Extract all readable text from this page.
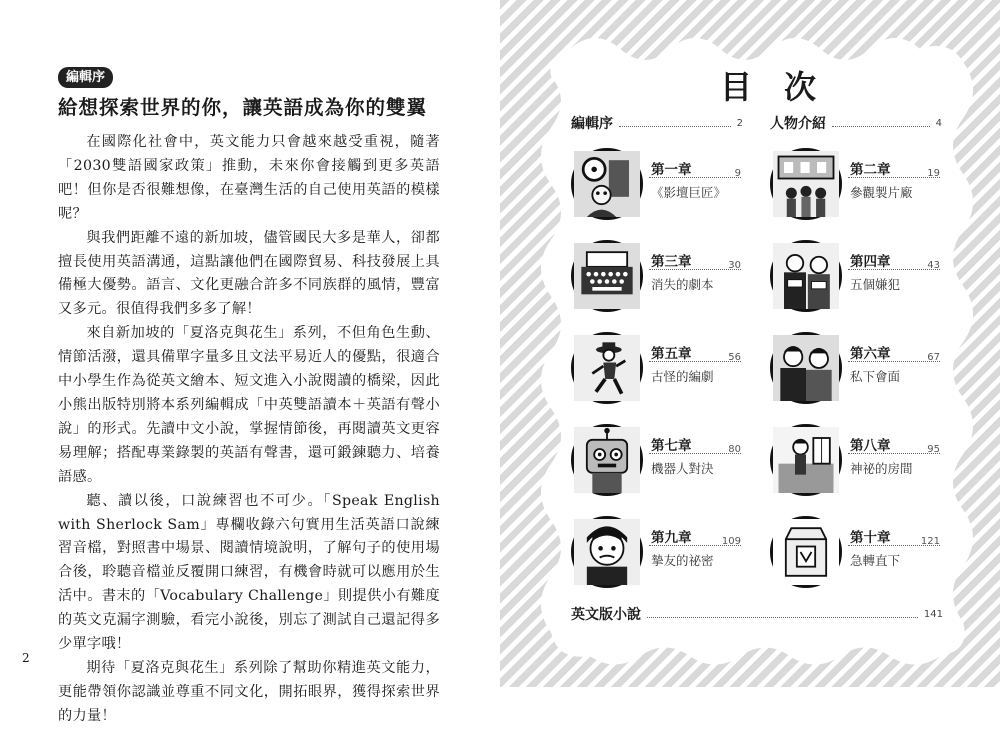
編輯序
給想探索世界的你，讓英語成為你的雙翼

在國際化社會中，英文能力只會越來越受重視，隨著「2030雙語國家政策」推動，未來你會接觸到更多英語吧！但你是否很難想像，在臺灣生活的自己使用英語的模樣呢？

與我們距離不遠的新加坡，儘管國民大多是華人，卻都擅長使用英語溝通，這點讓他們在國際貿易、科技發展上具備極大優勢。語言、文化更融合許多不同族群的風情，豐富又多元。很值得我們多多了解！

來自新加坡的「夏洛克與花生」系列，不但角色生動、情節活潑，還具備單字量多且文法平易近人的優點，很適合中小學生作為從英文繪本、短文進入小說閱讀的橋梁，因此小熊出版特別將本系列編輯成「中英雙語讀本＋英語有聲小說」的形式。先讀中文小說，掌握情節後，再閱讀英文更容易理解；搭配專業錄製的英語有聲書，還可鍛鍊聽力、培養語感。

聽、讀以後，口說練習也不可少。「Speak English with Sherlock Sam」專欄收錄六句實用生活英語口說練習音檔，對照書中場景、閱讀情境說明，了解句子的使用場合後，聆聽音檔並反覆開口練習，有機會時就可以應用於生活中。書末的「Vocabulary Challenge」則提供小有難度的英文克漏字測驗，看完小說後，別忘了測試自己還記得多少單字哦！

期待「夏洛克與花生」系列除了幫助你精進英文能力，更能帶領你認識並尊重不同文化，開拓眼界，獲得探索世界的力量！

2
目次
編輯序	2 人物介紹	4
第一章	9
《影壇巨匠》
第二章	19
參觀製片廠
第三章	30
消失的劇本
第四章	43
五個嫌犯
第五章	56
古怪的編劇
第六章	67
私下會面
第七章	80
機器人對決
第八章	95
神祕的房間
第九章	109
摯友的祕密
第十章	121
急轉直下
英文版小說	141
